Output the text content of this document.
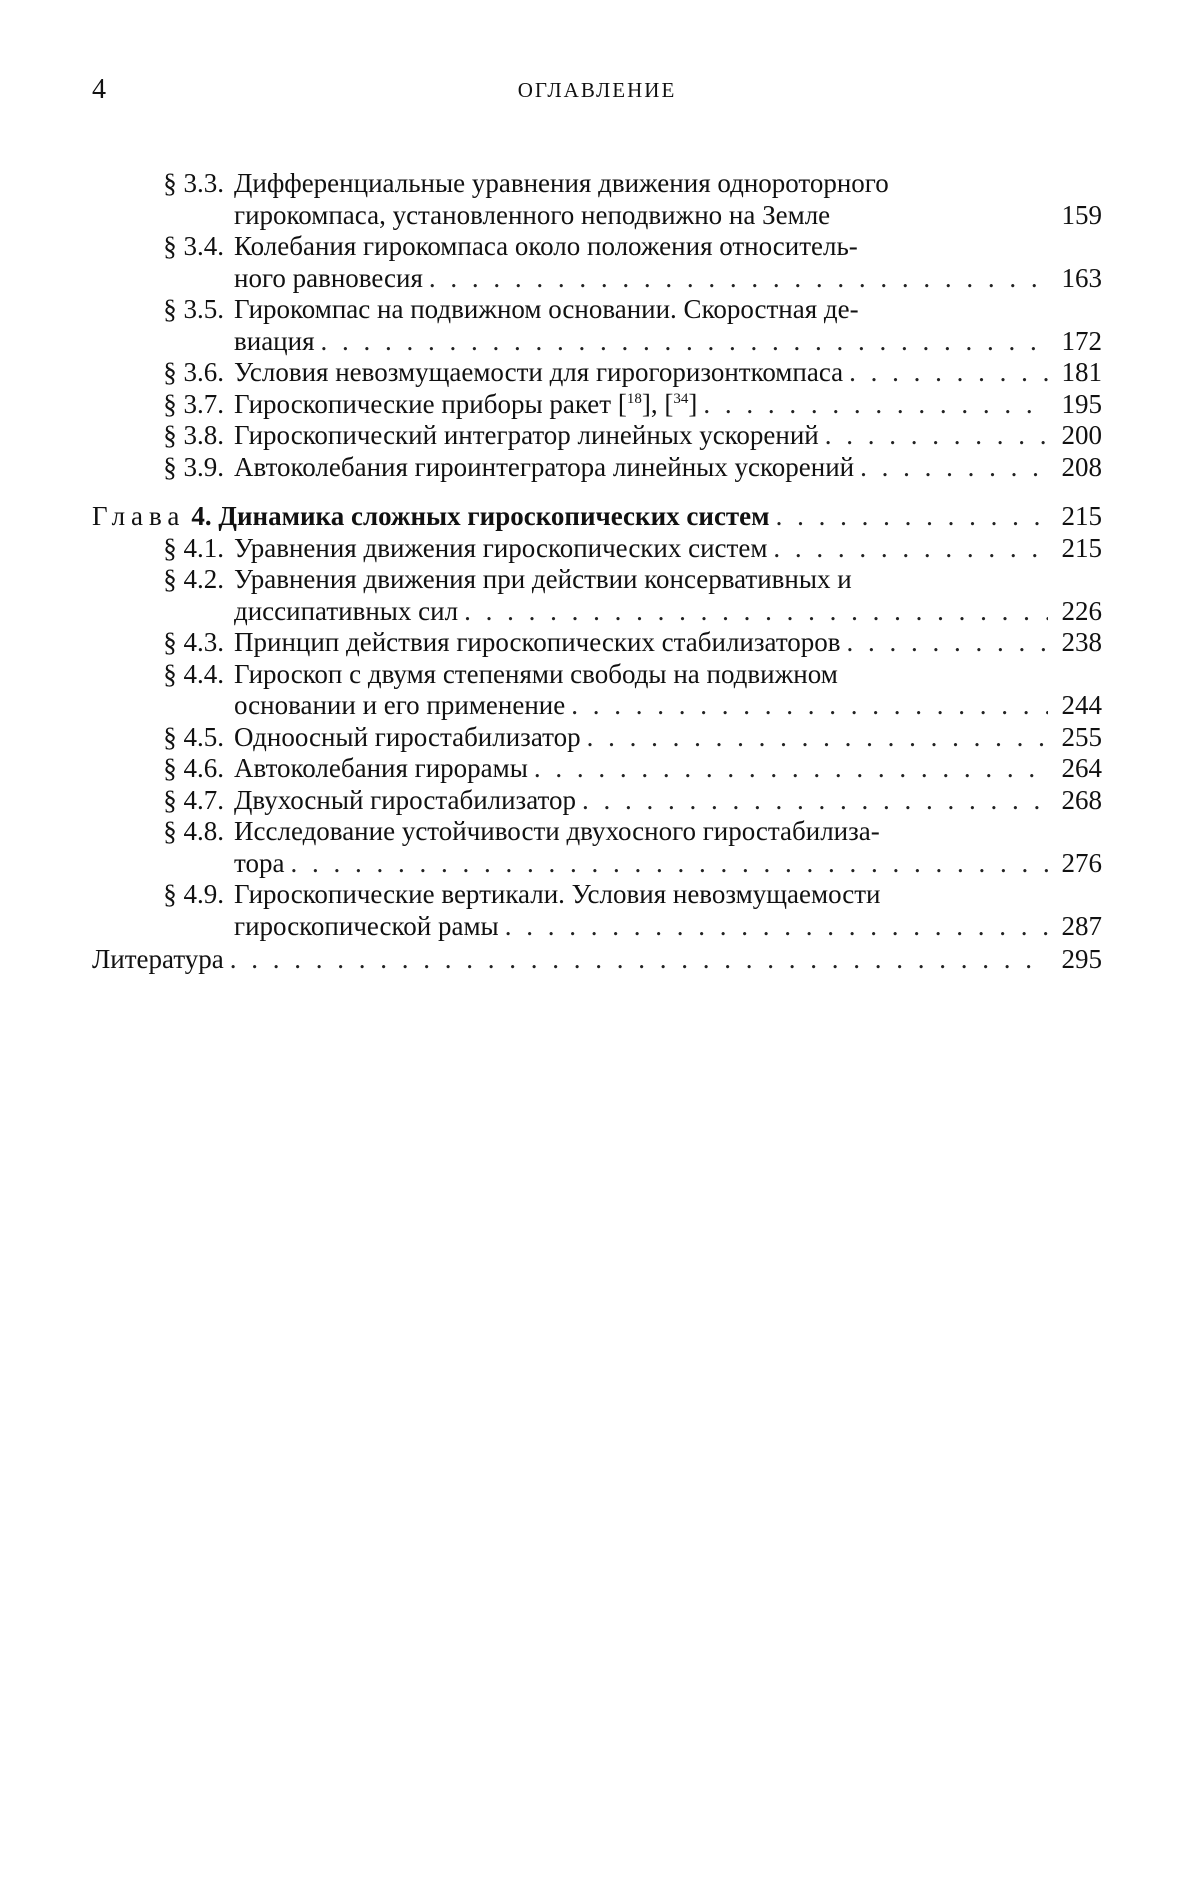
4	ОГЛАВЛЕНИЕ
§ 3.3. Дифференциальные уравнения движения однороторного
гирокомпаса, установленного неподвижно на Земле	159
§ 3.4. Колебания гирокомпаса около положения относитель-
ного равновесия . . .	163
§ 3.5. Гирокомпас на подвижном основании. Скоростная де-
виация . . .	172
§ 3.6. Условия невозмущаемости для гирогоризонткомпаса . . .	181
§ 3.7. Гироскопические приборы ракет [$^{18}$], [$^{34}$] . . .	195
§ 3.8. Гироскопический интегратор линейных ускорений . . .	200
§ 3.9. Автоколебания гироинтегратора линейных ускорений . . .	208
Глава 4. Динамика сложных гироскопических систем . . .	215
§ 4.1. Уравнения движения гироскопических систем . . .	215
§ 4.2. Уравнения движения при действии консервативных и
диссипативных сил . . .	226
§ 4.3. Принцип действия гироскопических стабилизаторов . . .	238
§ 4.4. Гироскоп с двумя степенями свободы на подвижном
основании и его применение . . .	244
§ 4.5. Одноосный гиростабилизатор . . .	255
§ 4.6. Автоколебания гирорамы . . .	264
§ 4.7. Двухосный гиростабилизатор . . .	268
§ 4.8. Исследование устойчивости двухосного гиростабилиза-
тора . . .	276
§ 4.9. Гироскопические вертикали. Условия невозмущаемости
гироскопической рамы . . .	287
Литература . . .	295
